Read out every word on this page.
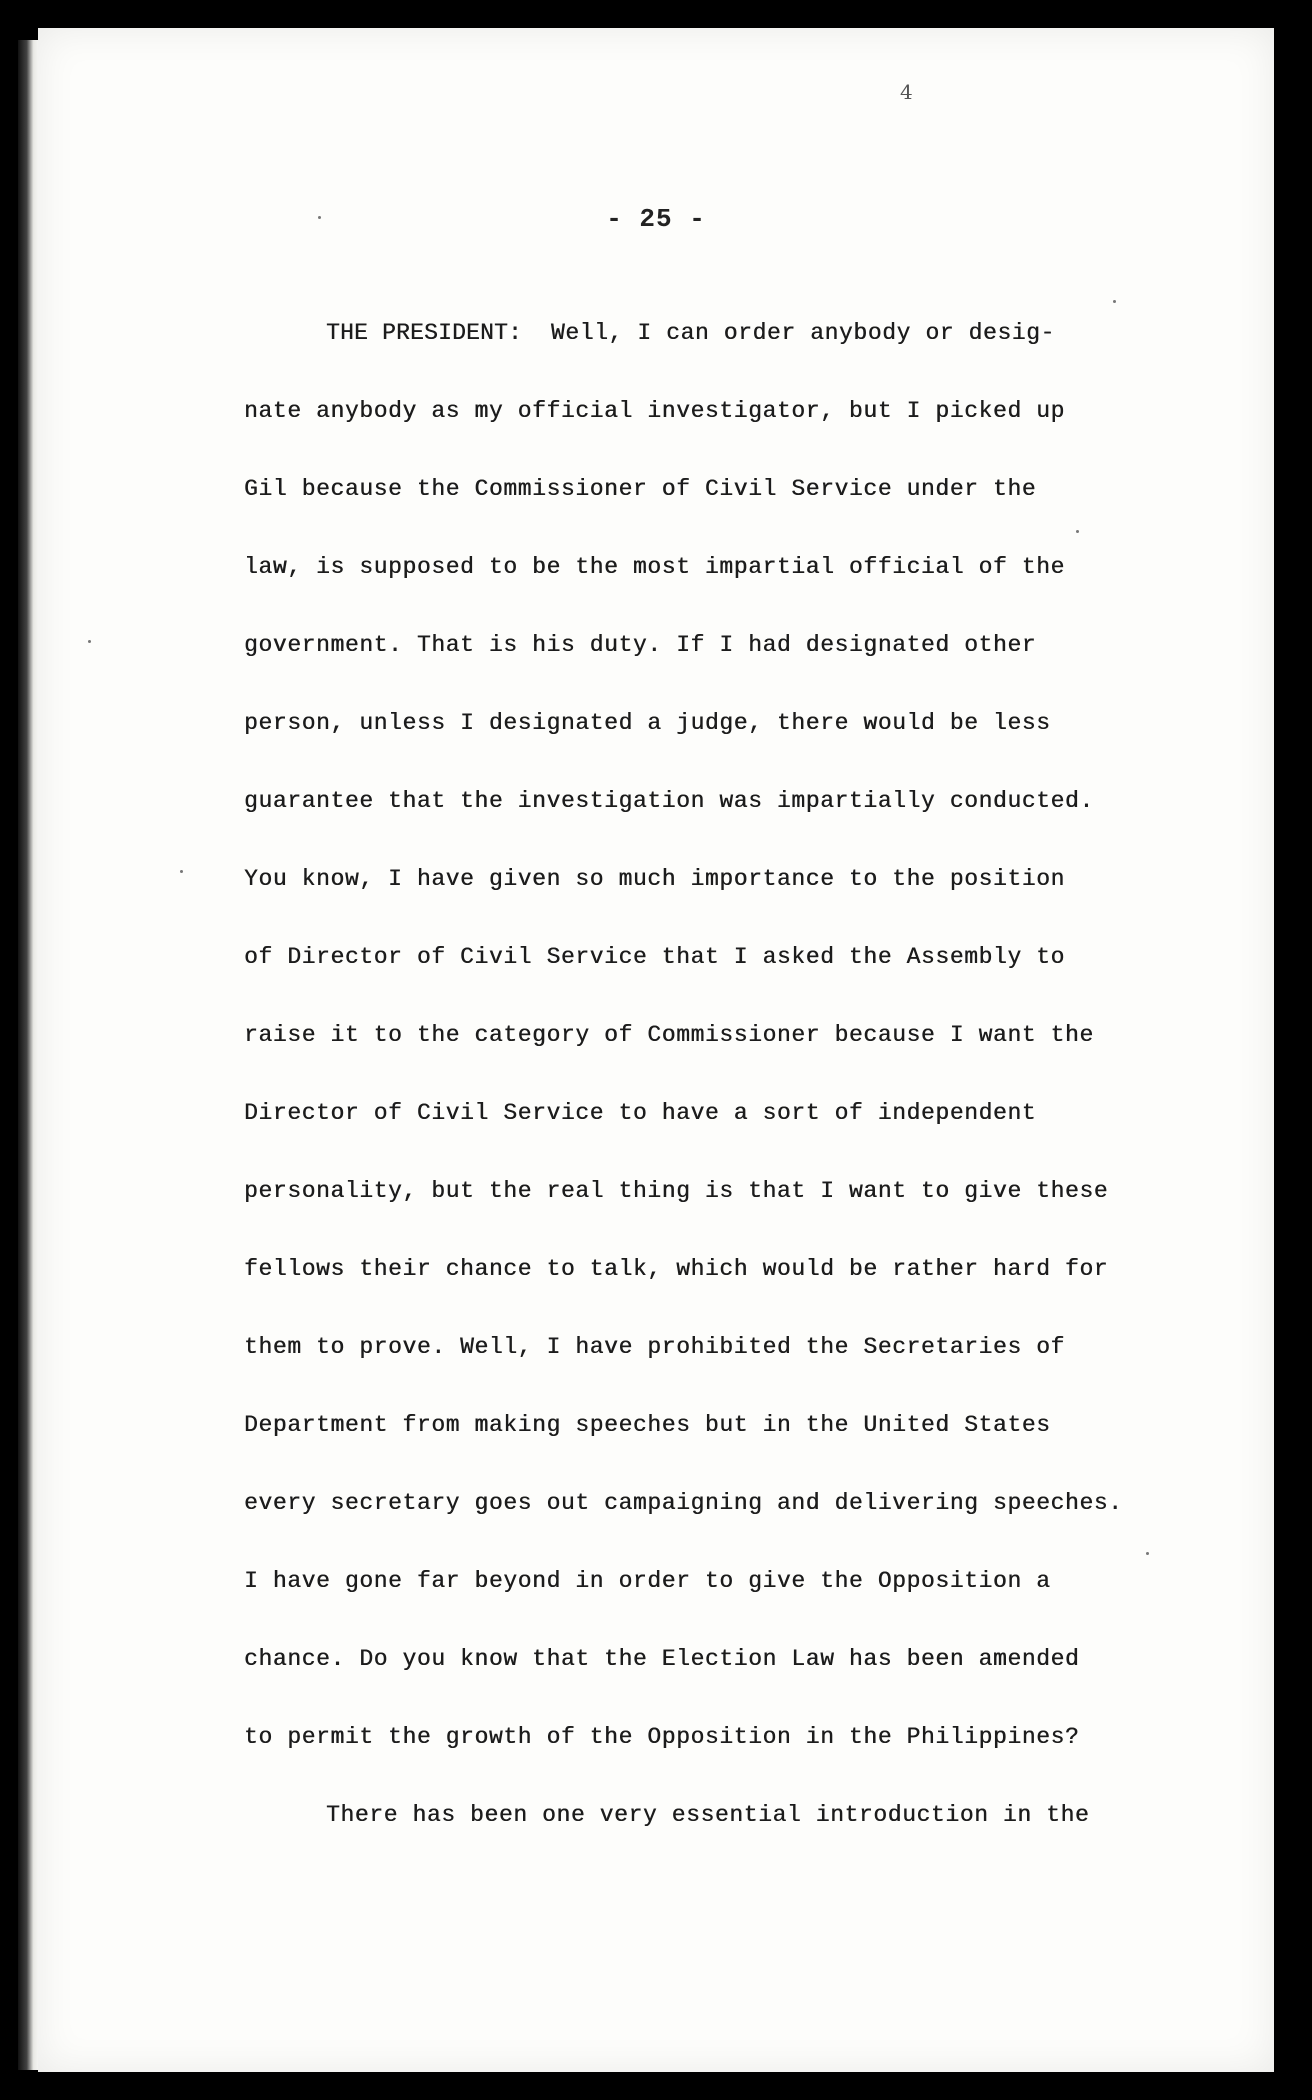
4
- 25 -
THE PRESIDENT: Well, I can order anybody or desig-
nate anybody as my official investigator, but I picked up
Gil because the Commissioner of Civil Service under the
law, is supposed to be the most impartial official of the
government. That is his duty. If I had designated other
person, unless I designated a judge, there would be less
guarantee that the investigation was impartially conducted.
You know, I have given so much importance to the position
of Director of Civil Service that I asked the Assembly to
raise it to the category of Commissioner because I want the
Director of Civil Service to have a sort of independent
personality, but the real thing is that I want to give these
fellows their chance to talk, which would be rather hard for
them to prove. Well, I have prohibited the Secretaries of
Department from making speeches but in the United States
every secretary goes out campaigning and delivering speeches.
I have gone far beyond in order to give the Opposition a
chance. Do you know that the Election Law has been amended
to permit the growth of the Opposition in the Philippines?
There has been one very essential introduction in the
